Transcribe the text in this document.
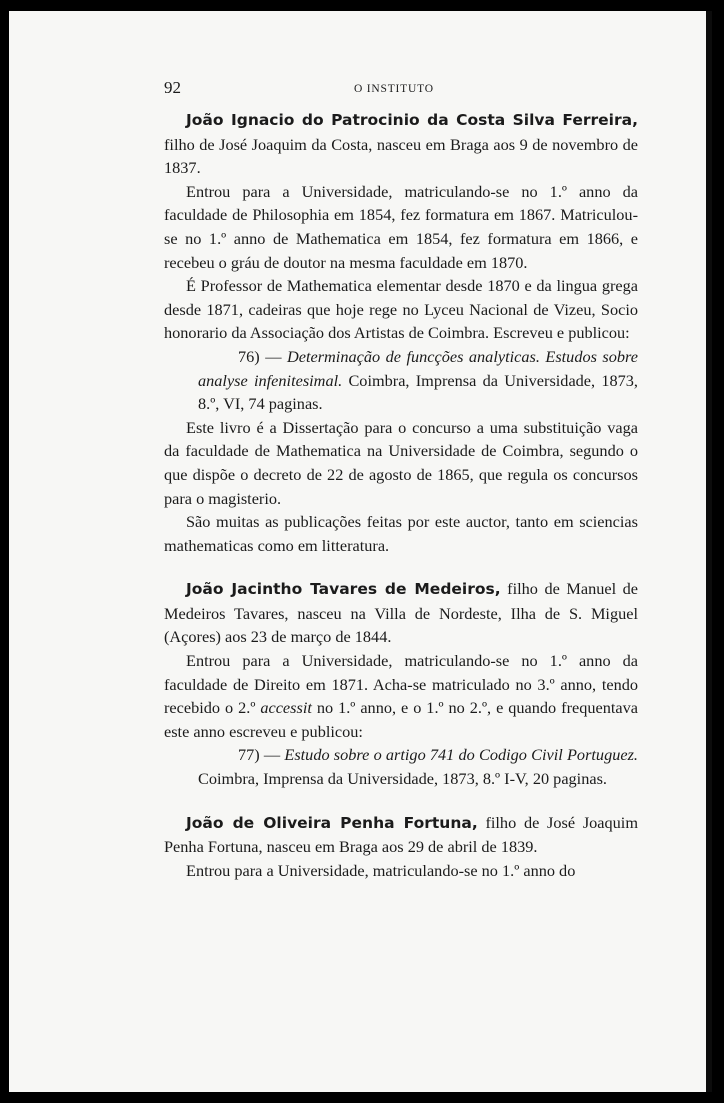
92	O INSTITUTO

João Ignacio do Patrocinio da Costa Silva Ferreira, filho de José Joaquim da Costa, nasceu em Braga aos 9 de novembro de 1837.

Entrou para a Universidade, matriculando-se no 1.º anno da faculdade de Philosophia em 1854, fez formatura em 1867. Matriculou-se no 1.º anno de Mathematica em 1854, fez formatura em 1866, e recebeu o gráu de doutor na mesma faculdade em 1870.

É Professor de Mathematica elementar desde 1870 e da lingua grega desde 1871, cadeiras que hoje rege no Lyceu Nacional de Vizeu, Socio honorario da Associação dos Artistas de Coimbra. Escreveu e publicou:

76) — Determinação de funcções analyticas. Estudos sobre analyse infenitesimal. Coimbra, Imprensa da Universidade, 1873, 8.º, VI, 74 paginas.

Este livro é a Dissertação para o concurso a uma substituição vaga da faculdade de Mathematica na Universidade de Coimbra, segundo o que dispõe o decreto de 22 de agosto de 1865, que regula os concursos para o magisterio.

São muitas as publicações feitas por este auctor, tanto em sciencias mathematicas como em litteratura.

João Jacintho Tavares de Medeiros, filho de Manuel de Medeiros Tavares, nasceu na Villa de Nordeste, Ilha de S. Miguel (Açores) aos 23 de março de 1844.

Entrou para a Universidade, matriculando-se no 1.º anno da faculdade de Direito em 1871. Acha-se matriculado no 3.º anno, tendo recebido o 2.º accessit no 1.º anno, e o 1.º no 2.º, e quando frequentava este anno escreveu e publicou:

77) — Estudo sobre o artigo 741 do Codigo Civil Portuguez. Coimbra, Imprensa da Universidade, 1873, 8.º I-V, 20 paginas.

João de Oliveira Penha Fortuna, filho de José Joaquim Penha Fortuna, nasceu em Braga aos 29 de abril de 1839.

Entrou para a Universidade, matriculando-se no 1.º anno do
